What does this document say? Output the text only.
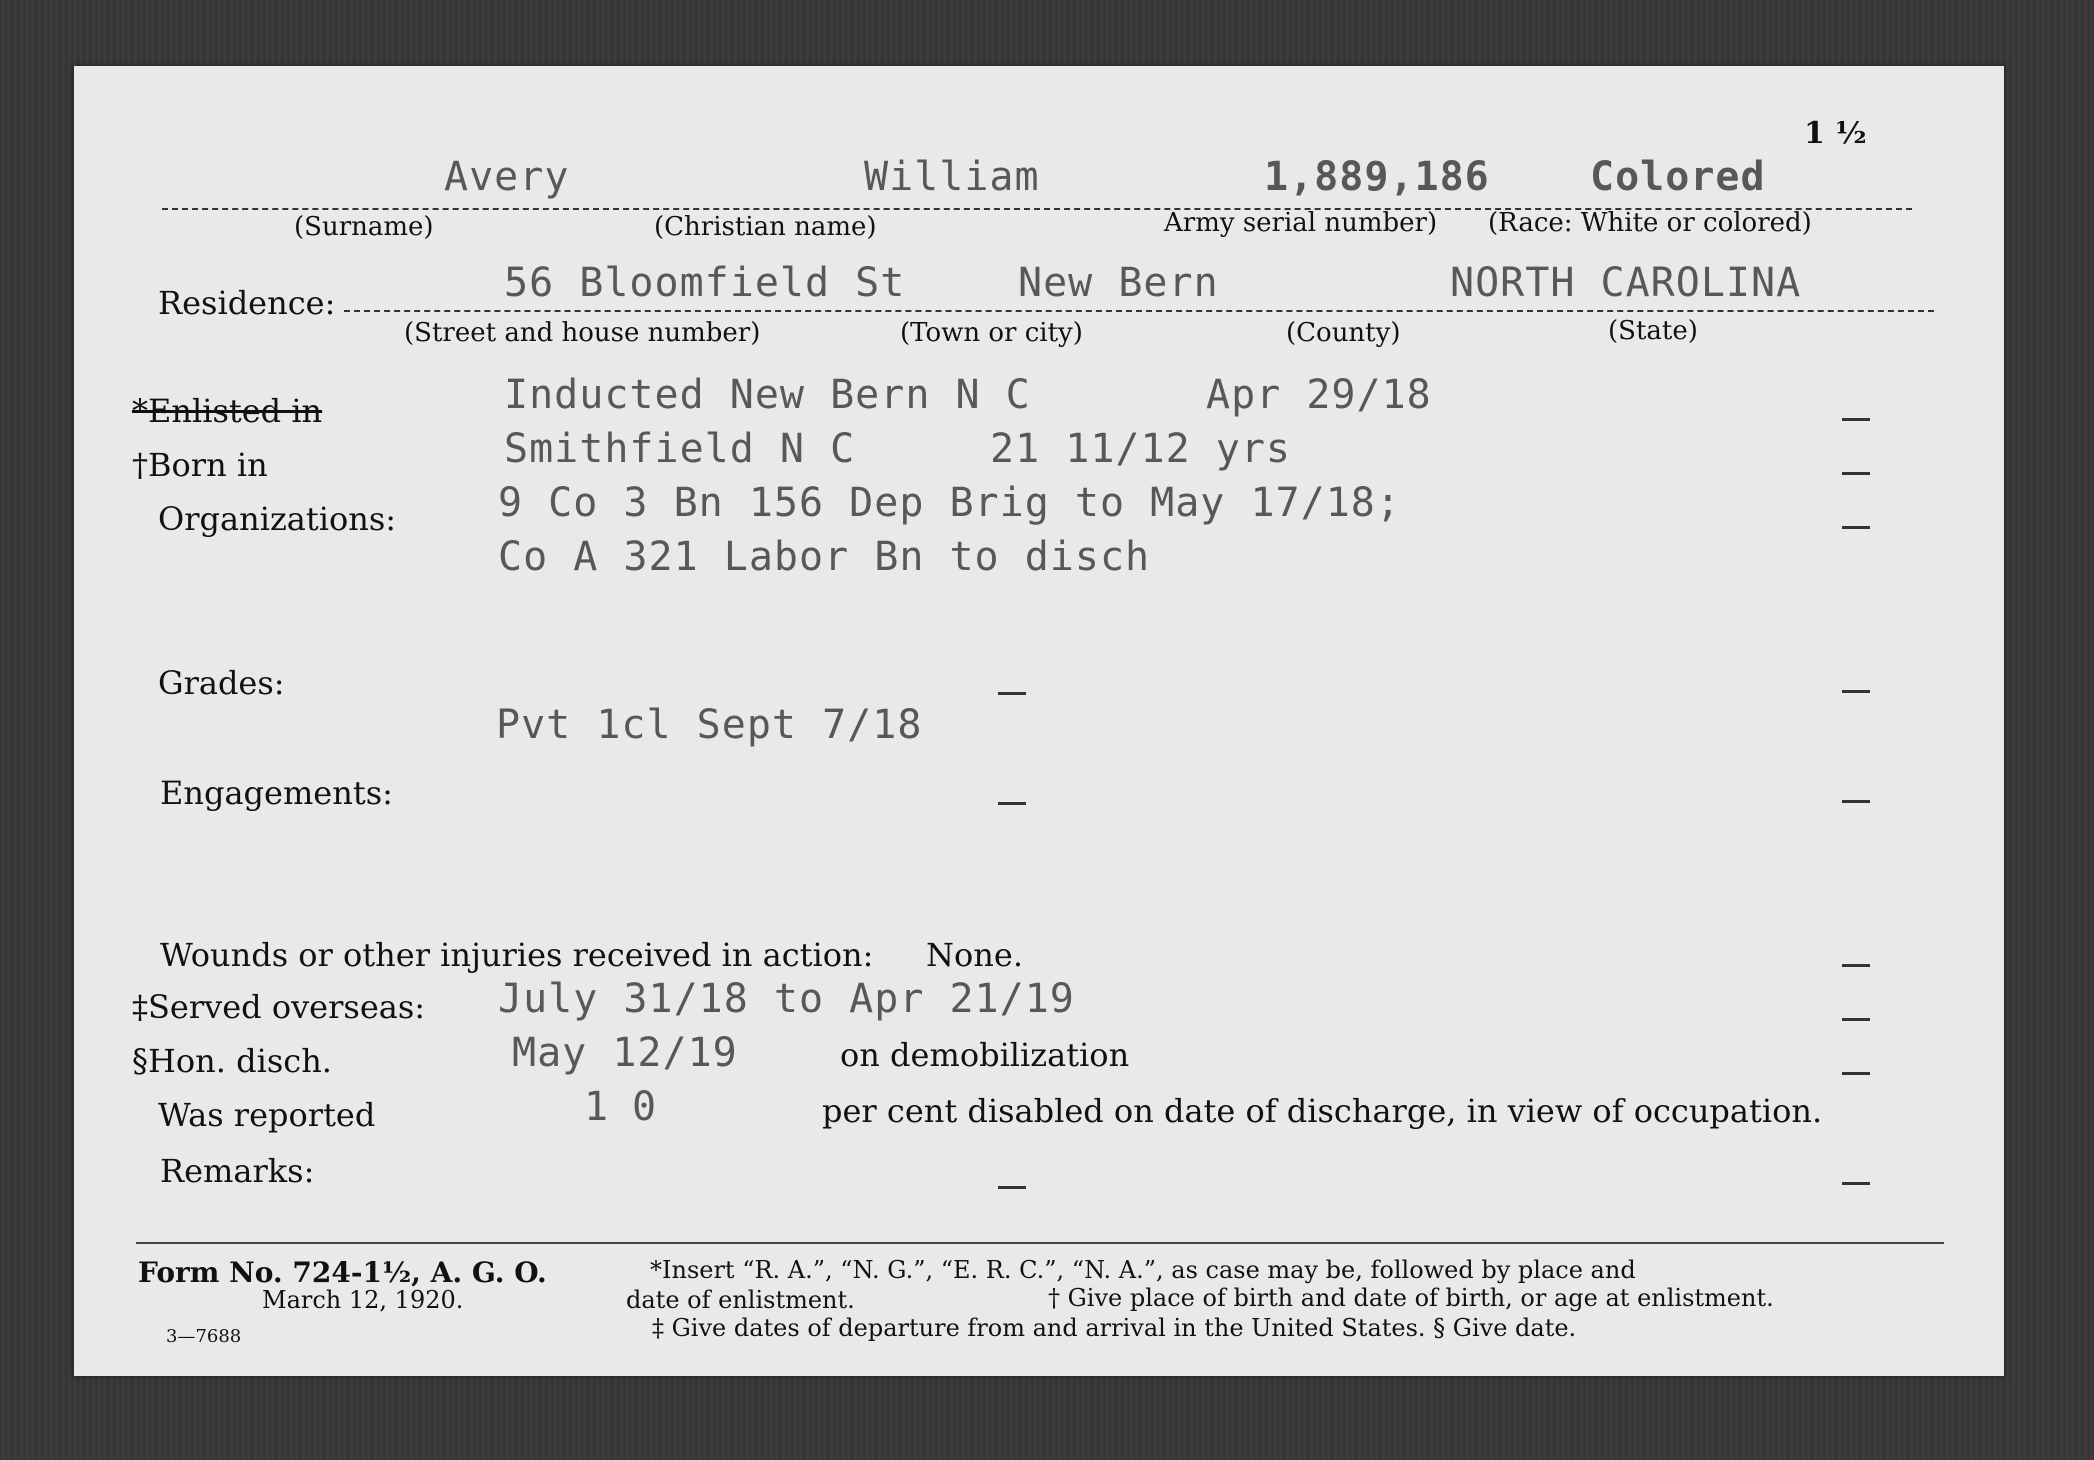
1 ½
Avery	William	1,889,186	Colored
(Surname)	(Christian name)	Army serial number) (Race: White or colored)
Residence:	56 Bloomfield St	New Bern	NORTH CAROLINA
(Street and house number)	(Town or city)	(County)	(State)
*Enlisted in	Inducted New Bern N C	Apr 29/18
†Born in	Smithfield N C	21 11/12 yrs
Organizations:	9 Co 3 Bn 156 Dep Brig to May 17/18;
Co A 321 Labor Bn to disch
Grades:
Pvt 1cl Sept 7/18
Engagements:
Wounds or other injuries received in action: None.
‡Served overseas: July 31/18 to Apr 21/19
§Hon. disch.	May 12/19	on demobilization
Was reported	1 0	per cent disabled on date of discharge, in view of occupation.
Remarks:
Form No. 724-1½, A. G. O.
March 12, 1920.
3—7688
*Insert “R. A.”, “N. G.”, “E. R. C.”, “N. A.”, as case may be, followed by place and
date of enlistment.	† Give place of birth and date of birth, or age at enlistment.
‡ Give dates of departure from and arrival in the United States. § Give date.
